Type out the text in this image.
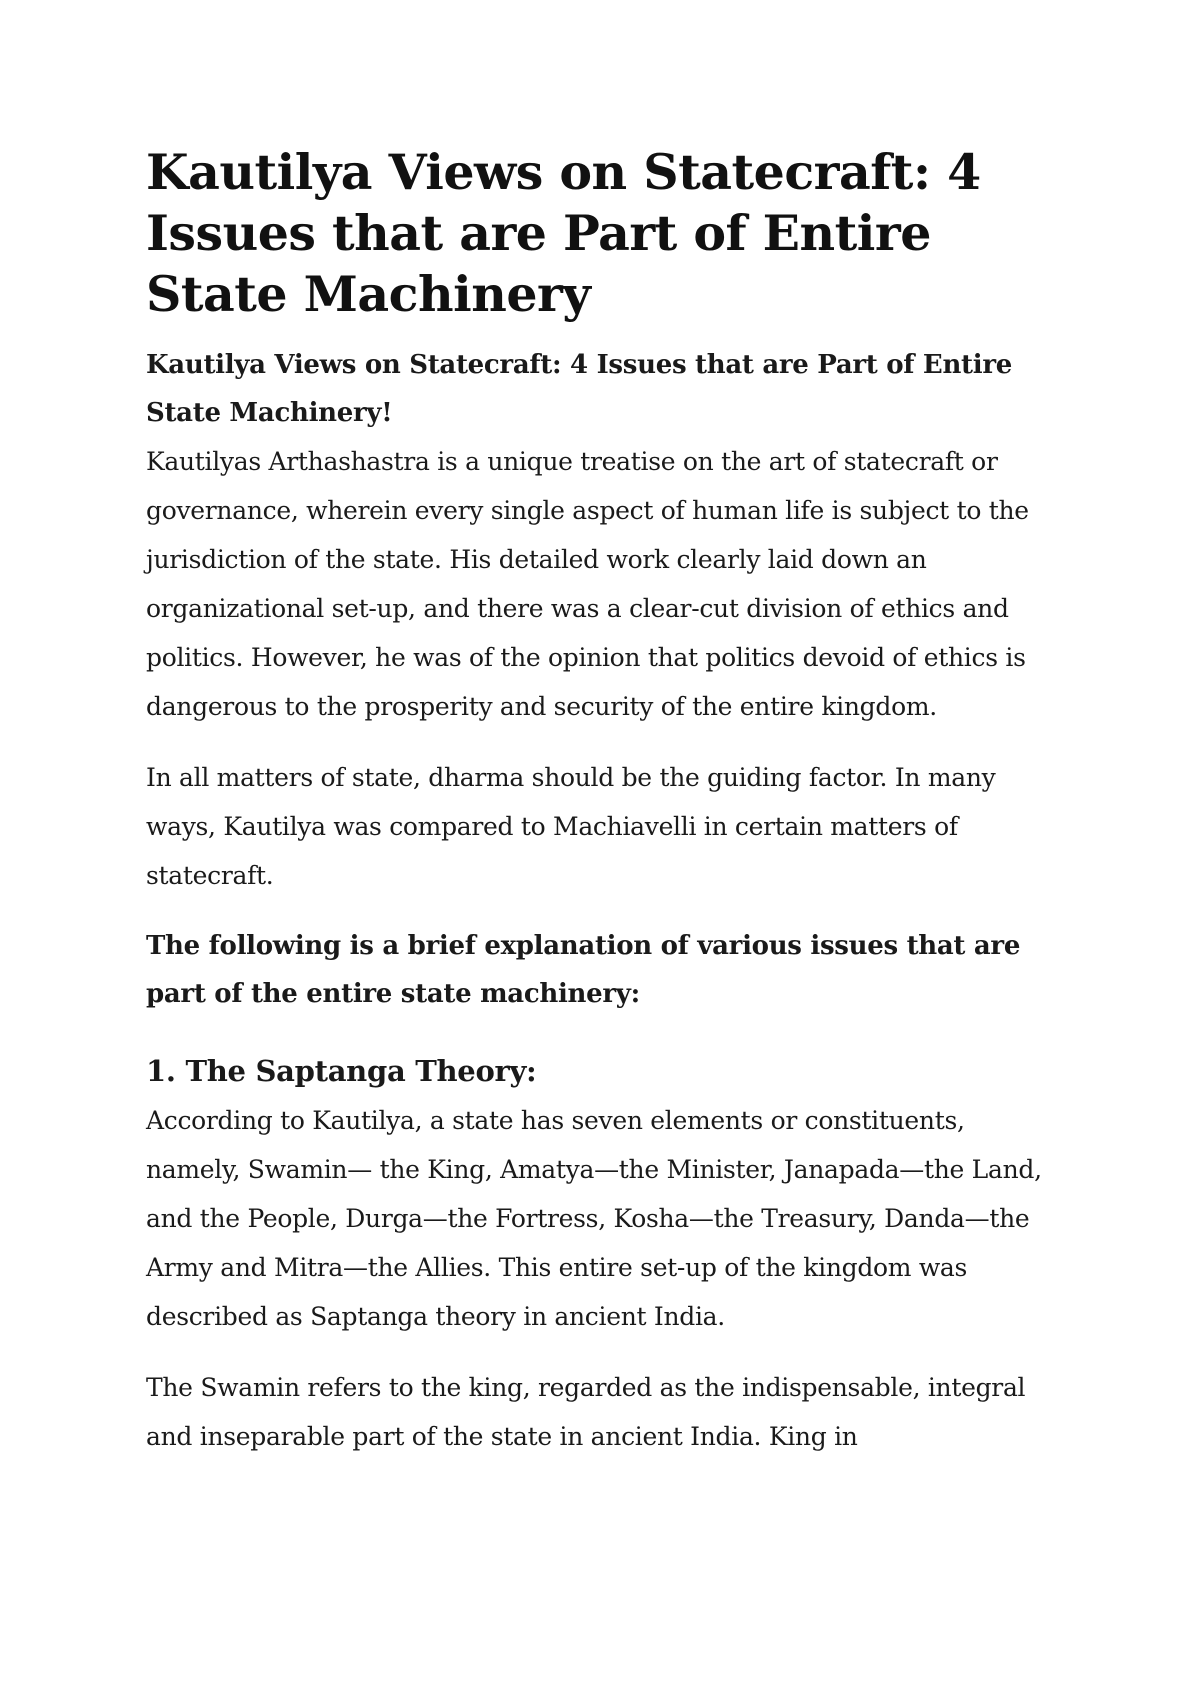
Kautilya Views on Statecraft: 4 Issues that are Part of Entire State Machinery
Kautilya Views on Statecraft: 4 Issues that are Part of Entire State Machinery!

Kautilyas Arthashastra is a unique treatise on the art of statecraft or governance, wherein every single aspect of human life is subject to the jurisdiction of the state. His detailed work clearly laid down an organizational set-up, and there was a clear-cut division of ethics and politics. However, he was of the opinion that politics devoid of ethics is dangerous to the prosperity and security of the entire kingdom.

In all matters of state, dharma should be the guiding factor. In many ways, Kautilya was compared to Machiavelli in certain matters of statecraft.

The following is a brief explanation of various issues that are part of the entire state machinery:
1. The Saptanga Theory:

According to Kautilya, a state has seven elements or constituents, namely, Swamin— the King, Amatya—the Minister, Janapada—the Land, and the People, Durga—the Fortress, Kosha—the Treasury, Danda—the Army and Mitra—the Allies. This entire set-up of the kingdom was described as Saptanga theory in ancient India.

The Swamin refers to the king, regarded as the indispensable, integral and inseparable part of the state in ancient India. King in
